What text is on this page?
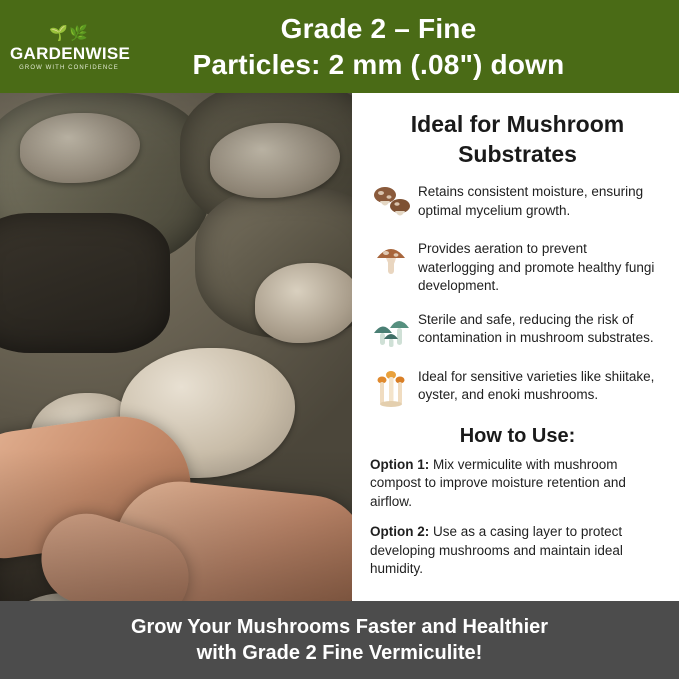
🌱🌿
GARDENWISE
GROW WITH CONFIDENCE
Grade 2 – Fine
Particles: 2 mm (.08") down
Ideal for Mushroom Substrates
Retains consistent moisture, ensuring optimal mycelium growth.
Provides aeration to prevent waterlogging and promote healthy fungi development.
Sterile and safe, reducing the risk of contamination in mushroom substrates.
Ideal for sensitive varieties like shiitake, oyster, and enoki mushrooms.
How to Use:
Option 1: Mix vermiculite with mushroom compost to improve moisture retention and airflow.
Option 2: Use as a casing layer to protect developing mushrooms and maintain ideal humidity.
Grow Your Mushrooms Faster and Healthier
with Grade 2 Fine Vermiculite!
